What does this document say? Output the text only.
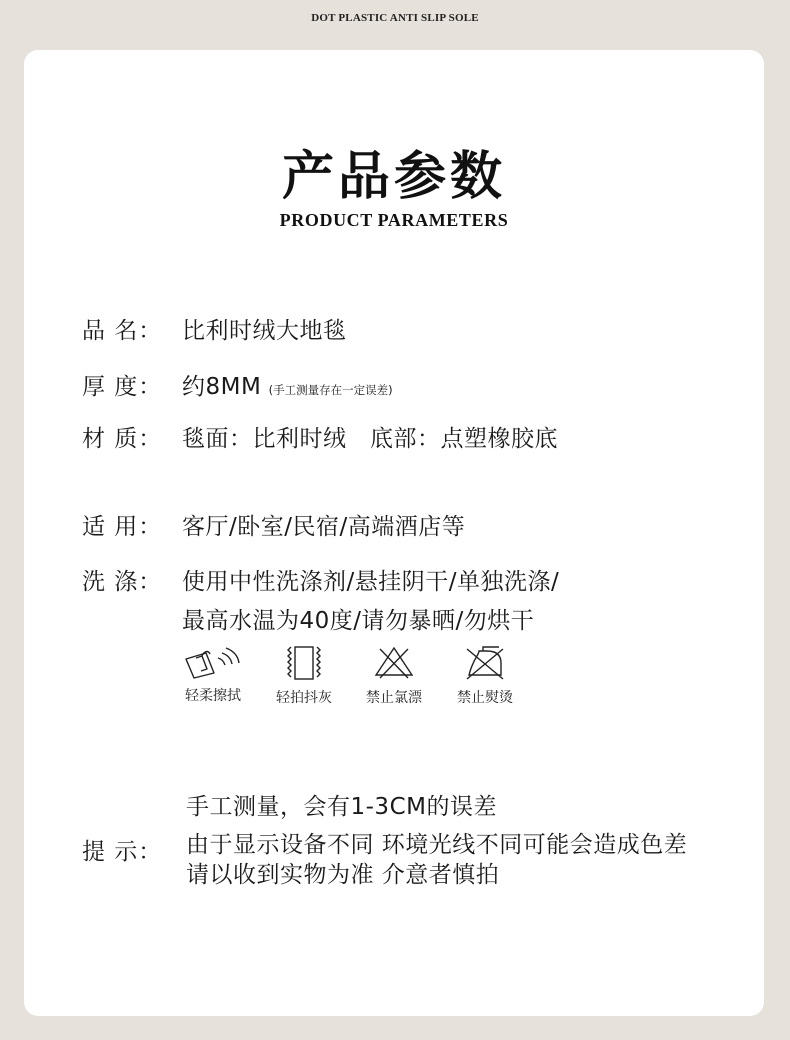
DOT PLASTIC ANTI SLIP SOLE
产品参数
PRODUCT PARAMETERS
品 名： 比利时绒大地毯
厚 度： 约8MM (手工测量存在一定误差)
材 质： 毯面：比利时绒　底部：点塑橡胶底
适 用： 客厅/卧室/民宿/高端酒店等
洗 涤： 使用中性洗涤剂/悬挂阴干/单独洗涤/
最高水温为40度/请勿暴晒/勿烘干
轻柔擦拭	轻拍抖灰	禁止氯漂	禁止熨烫
手工测量，会有1-3CM的误差
提 示： 由于显示设备不同 环境光线不同可能会造成色差
请以收到实物为准 介意者慎拍
